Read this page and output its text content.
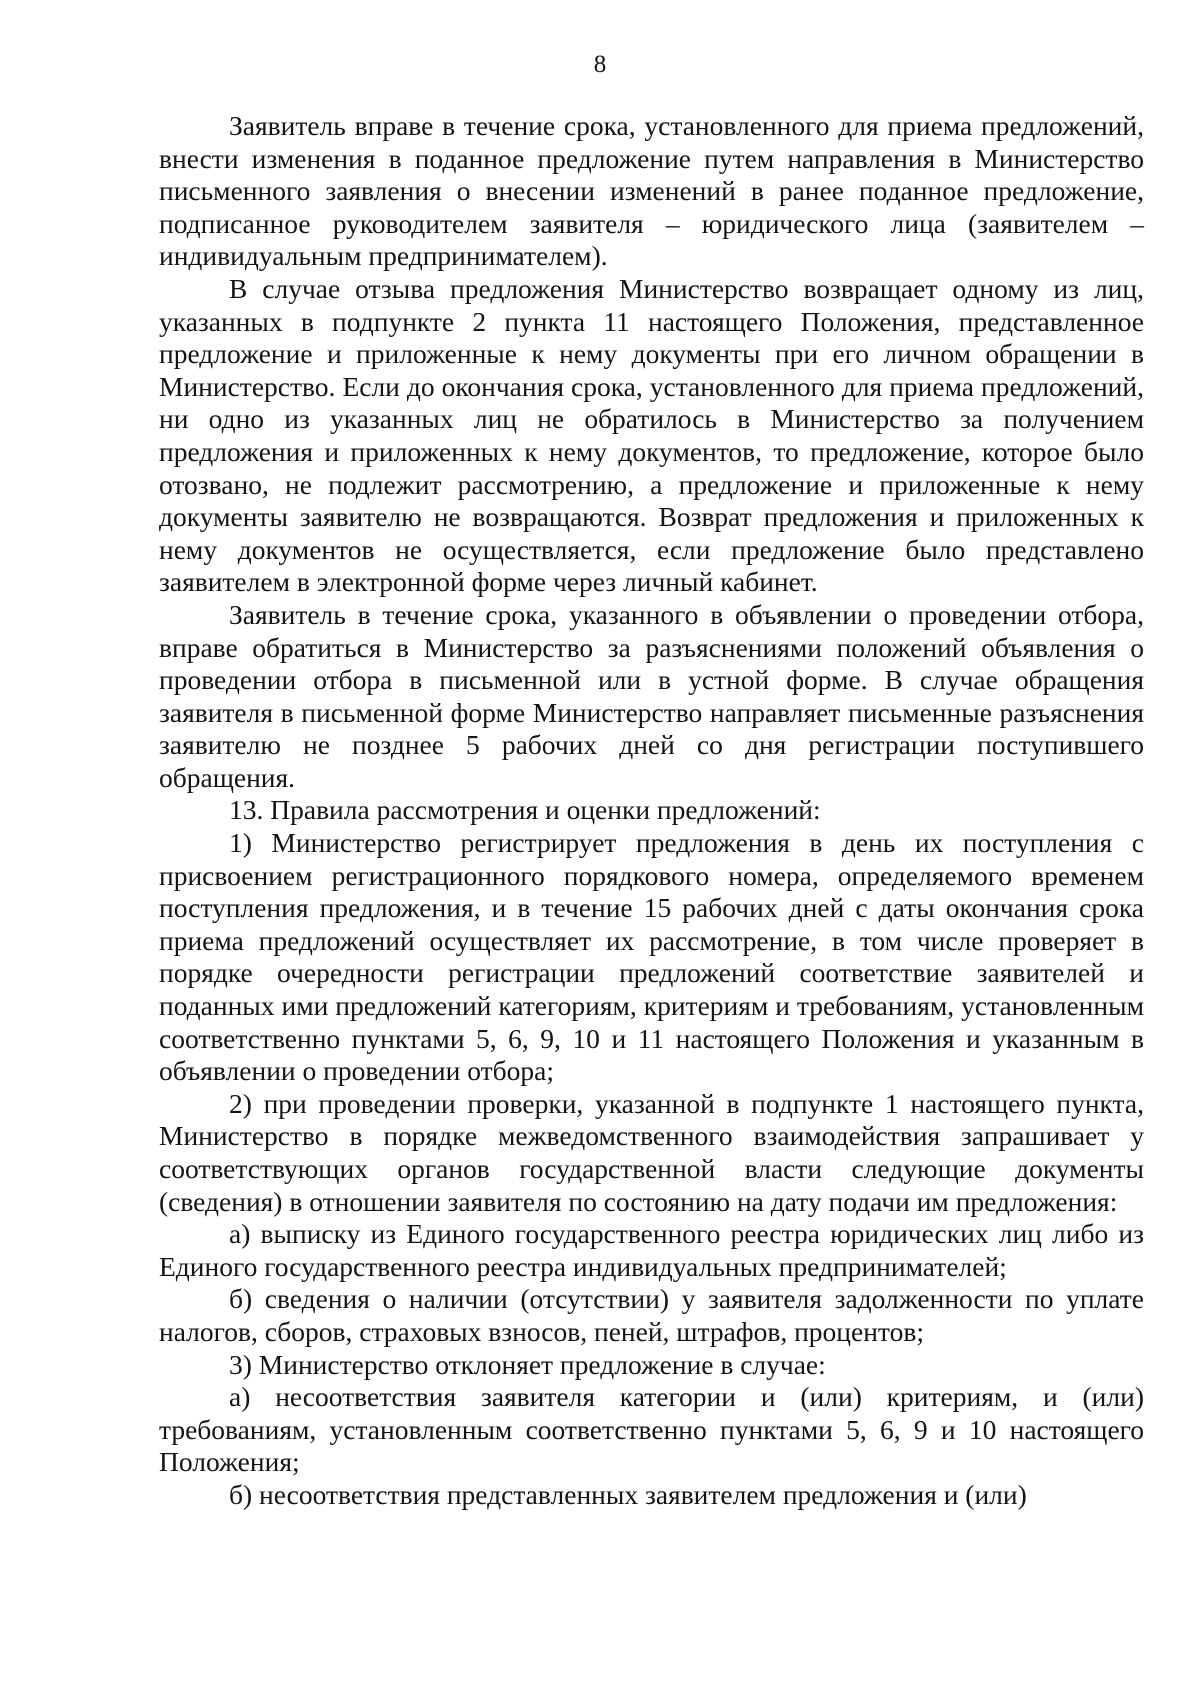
8

Заявитель вправе в течение срока, установленного для приема предложений, внести изменения в поданное предложение путем направления в Министерство письменного заявления о внесении изменений в ранее поданное предложение, подписанное руководителем заявителя – юридического лица (заявителем – индивидуальным предпринимателем).

В случае отзыва предложения Министерство возвращает одному из лиц, указанных в подпункте 2 пункта 11 настоящего Положения, представленное предложение и приложенные к нему документы при его личном обращении в Министерство. Если до окончания срока, установленного для приема предложений, ни одно из указанных лиц не обратилось в Министерство за получением предложения и приложенных к нему документов, то предложение, которое было отозвано, не подлежит рассмотрению, а предложение и приложенные к нему документы заявителю не возвращаются. Возврат предложения и приложенных к нему документов не осуществляется, если предложение было представлено заявителем в электронной форме через личный кабинет.

Заявитель в течение срока, указанного в объявлении о проведении отбора, вправе обратиться в Министерство за разъяснениями положений объявления о проведении отбора в письменной или в устной форме. В случае обращения заявителя в письменной форме Министерство направляет письменные разъяснения заявителю не позднее 5 рабочих дней со дня регистрации поступившего обращения.

13. Правила рассмотрения и оценки предложений:

1) Министерство регистрирует предложения в день их поступления с присвоением регистрационного порядкового номера, определяемого временем поступления предложения, и в течение 15 рабочих дней с даты окончания срока приема предложений осуществляет их рассмотрение, в том числе проверяет в порядке очередности регистрации предложений соответствие заявителей и поданных ими предложений категориям, критериям и требованиям, установленным соответственно пунктами 5, 6, 9, 10 и 11 настоящего Положения и указанным в объявлении о проведении отбора;

2) при проведении проверки, указанной в подпункте 1 настоящего пункта, Министерство в порядке межведомственного взаимодействия запрашивает у соответствующих органов государственной власти следующие документы (сведения) в отношении заявителя по состоянию на дату подачи им предложения:

а) выписку из Единого государственного реестра юридических лиц либо из Единого государственного реестра индивидуальных предпринимателей;

б) сведения о наличии (отсутствии) у заявителя задолженности по уплате налогов, сборов, страховых взносов, пеней, штрафов, процентов;

3) Министерство отклоняет предложение в случае:

а) несоответствия заявителя категории и (или) критериям, и (или) требованиям, установленным соответственно пунктами 5, 6, 9 и 10 настоящего Положения;

б) несоответствия представленных заявителем предложения и (или)
